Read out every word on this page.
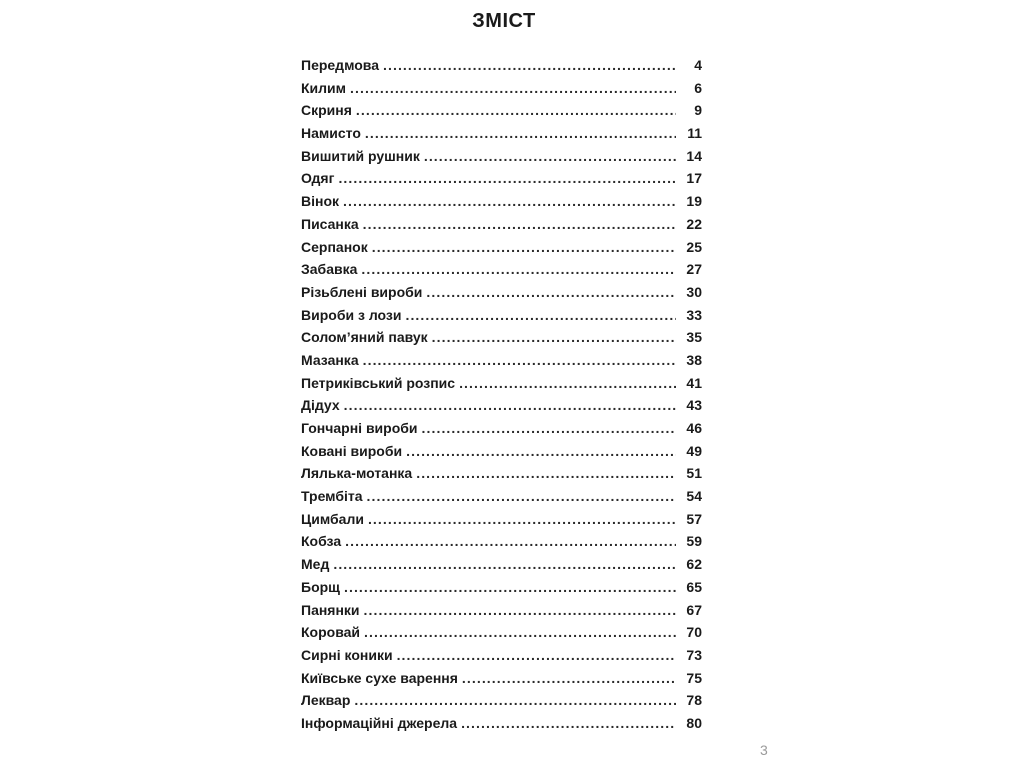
ЗМІСТ
Передмова . . .	4
Килим . . .	6
Скриня . . .	9
Намисто . . .	11
Вишитий рушник . . .	14
Одяг . . .	17
Вінок . . .	19
Писанка . . .	22
Серпанок . . .	25
Забавка . . .	27
Різьблені вироби . . .	30
Вироби з лози . . .	33
Солом’яний павук . . .	35
Мазанка . . .	38
Петриківський розпис . . .	41
Дідух . . .	43
Гончарні вироби . . .	46
Ковані вироби . . .	49
Лялька-мотанка . . .	51
Трембіта . . .	54
Цимбали . . .	57
Кобза . . .	59
Мед . . .	62
Борщ . . .	65
Панянки . . .	67
Коровай . . .	70
Сирні коники . . .	73
Київське сухе варення . . .	75
Леквар . . .	78
Інформаційні джерела . . .	80
3
